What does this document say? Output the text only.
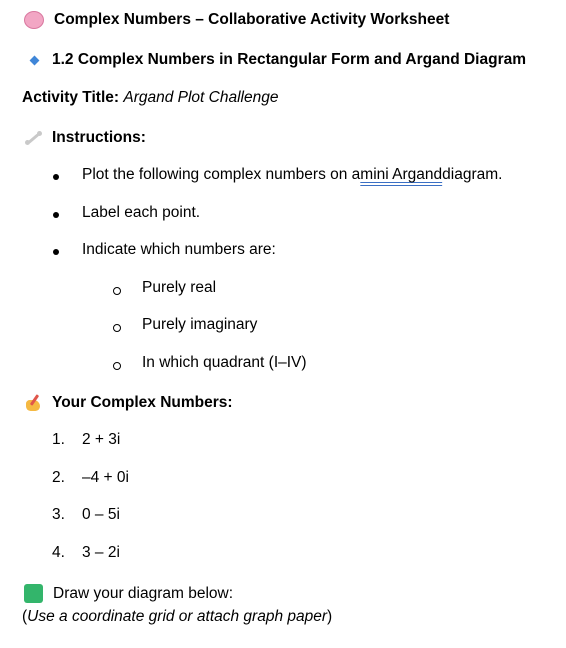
Complex Numbers – Collaborative Activity Worksheet
1.2 Complex Numbers in Rectangular Form and Argand Diagram
Activity Title:
Argand Plot Challenge
Instructions:
Plot the following complex numbers on a mini Argand diagram.
Label each point.
Indicate which numbers are:
Purely real
Purely imaginary
In which quadrant (I–IV)
Your Complex Numbers:
1.	2 + 3i
2.	–4 + 0i
3.	0 – 5i
4.	3 – 2i
Draw your diagram below:
( Use a coordinate grid or attach graph paper )
